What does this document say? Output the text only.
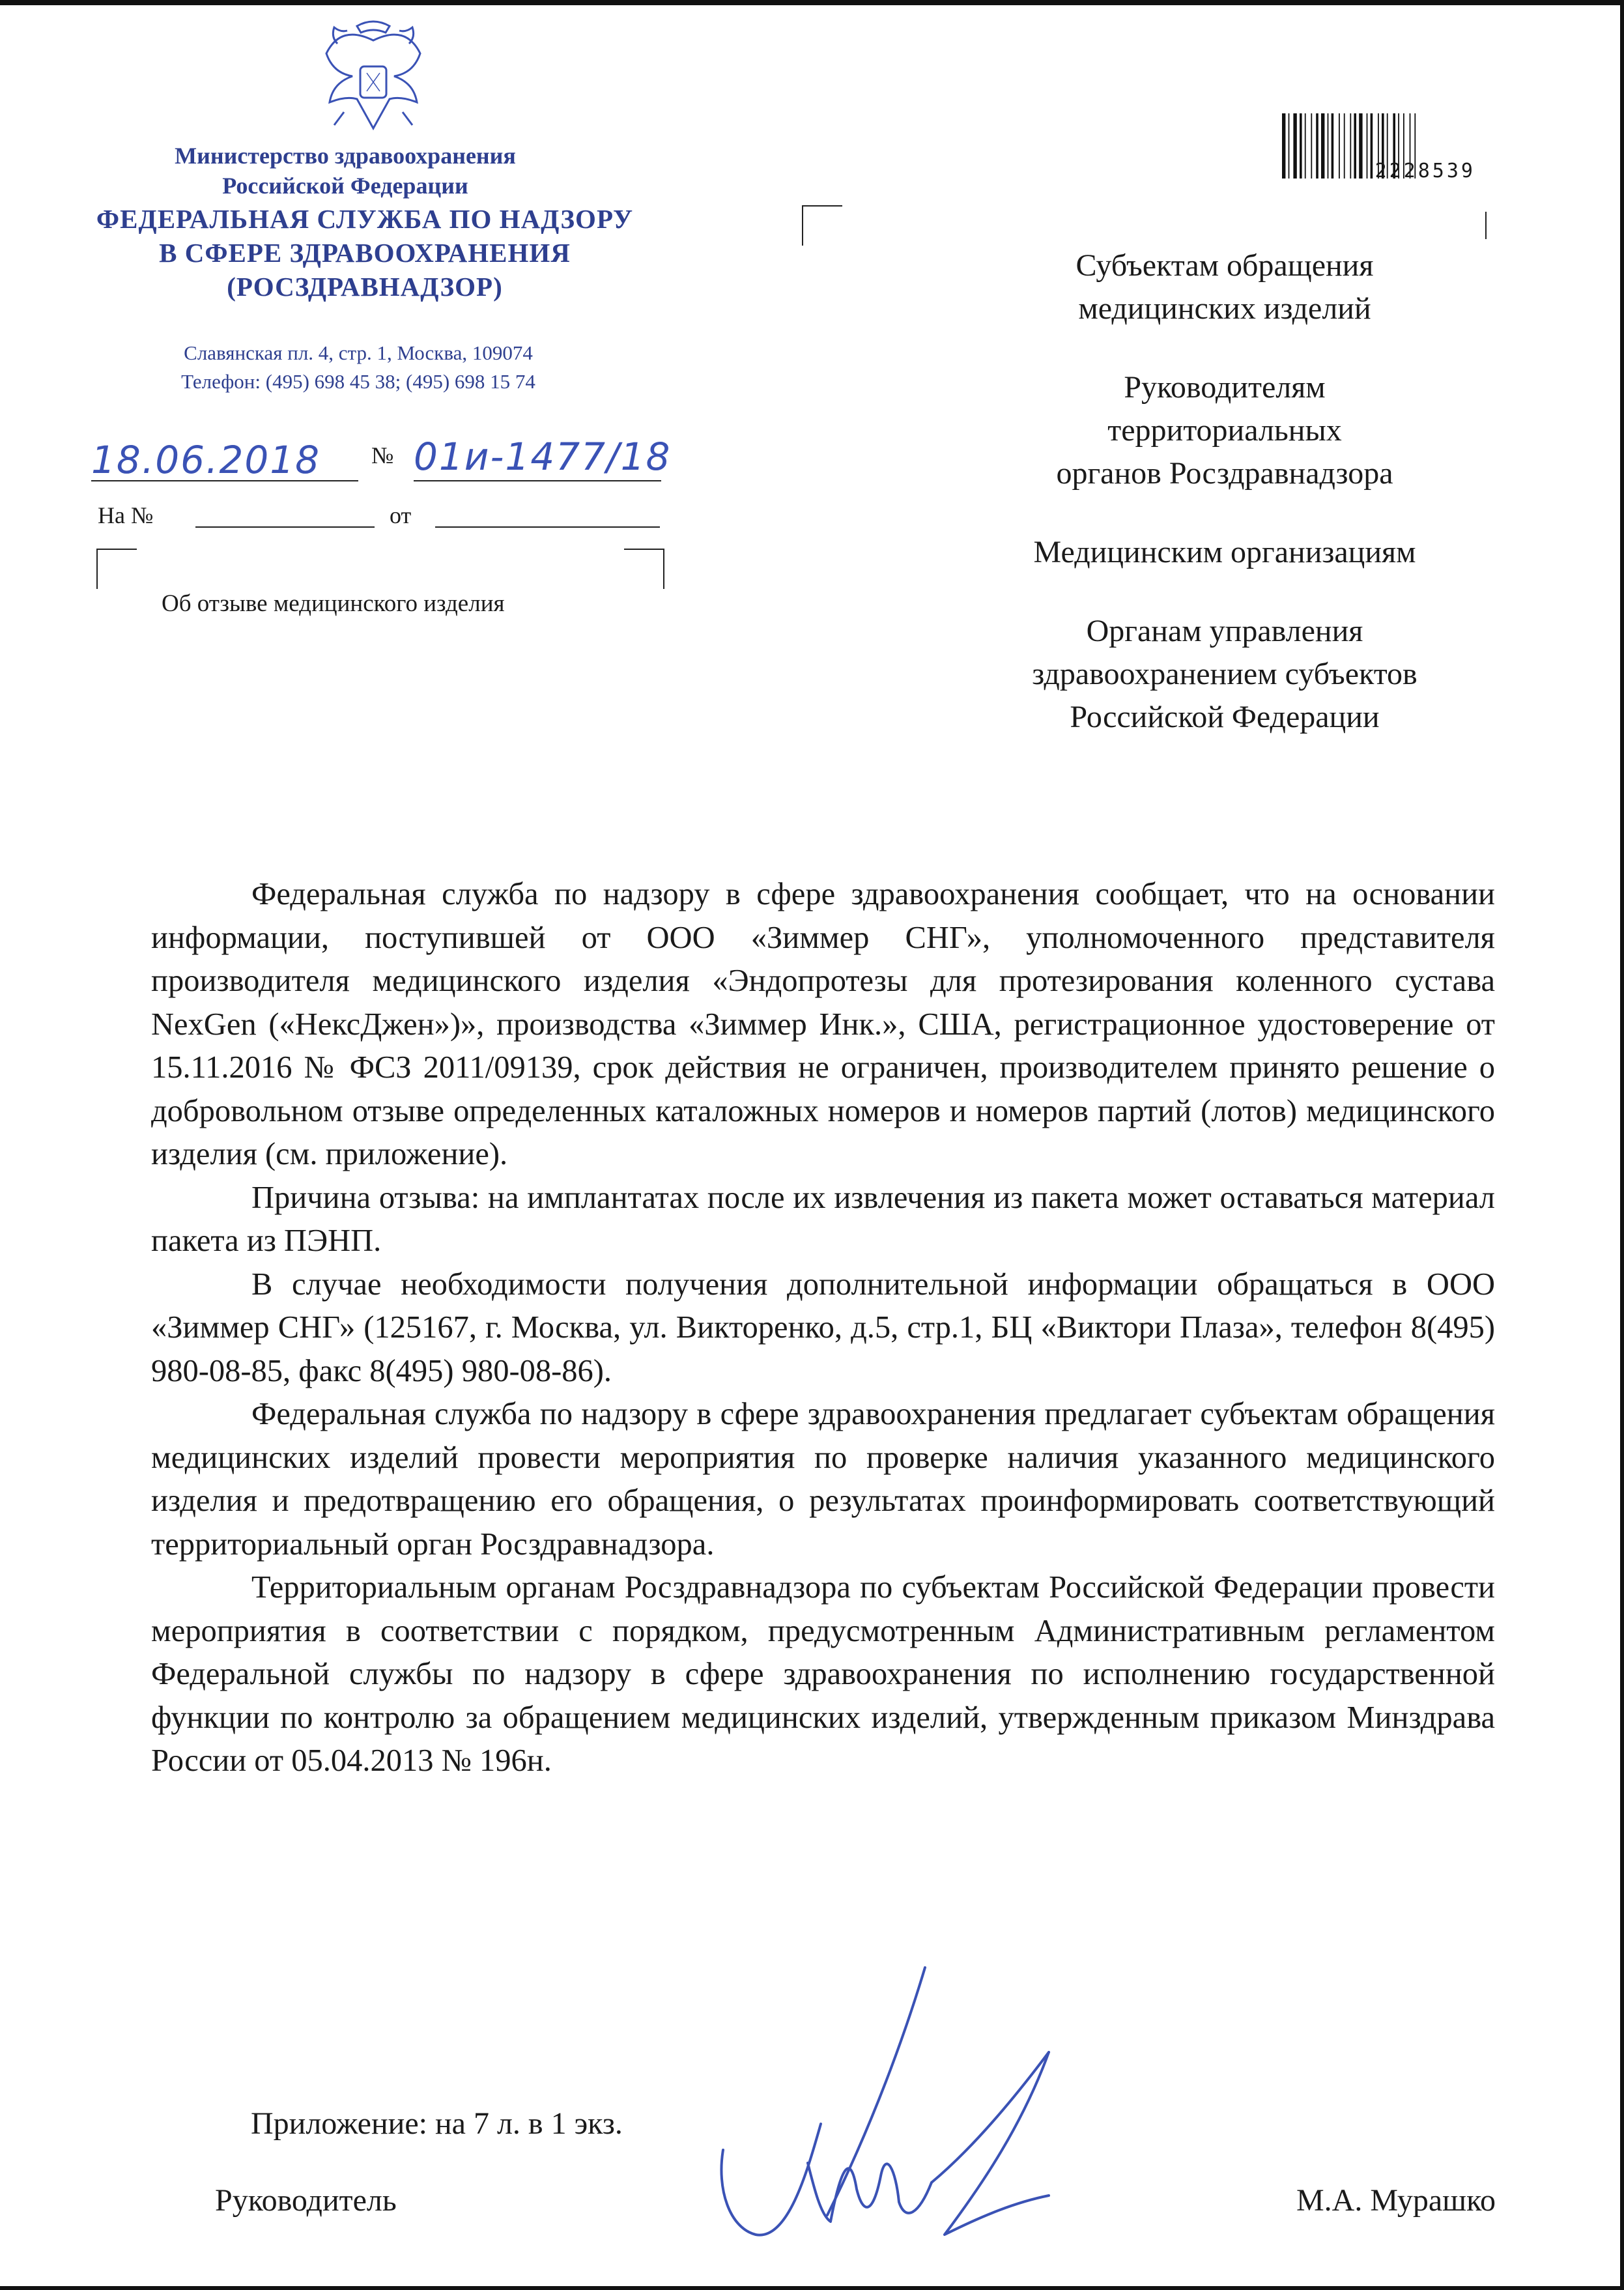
Министерство здравоохранения
Российской Федерации
ФЕДЕРАЛЬНАЯ СЛУЖБА ПО НАДЗОРУ
В СФЕРЕ ЗДРАВООХРАНЕНИЯ
(РОСЗДРАВНАДЗОР)
Славянская пл. 4, стр. 1, Москва, 109074
Телефон: (495) 698 45 38; (495) 698 15 74
18.06.2018 № 01и-1477/18
На №	от
Об отзыве медицинского изделия
2228539
Субъектам обращения
медицинских изделий
Руководителям
территориальных
органов Росздравнадзора
Медицинским организациям
Органам управления
здравоохранением субъектов
Российской Федерации

Федеральная служба по надзору в сфере здравоохранения сообщает, что на основании информации, поступившей от ООО «Зиммер СНГ», уполномоченного представителя производителя медицинского изделия «Эндопротезы для протезирования коленного сустава NexGen («НексДжен»)», производства «Зиммер Инк.», США, регистрационное удостоверение от 15.11.2016 № ФСЗ 2011/09139, срок действия не ограничен, производителем принято решение о добровольном отзыве определенных каталожных номеров и номеров партий (лотов) медицинского изделия (см. приложение).

Причина отзыва: на имплантатах после их извлечения из пакета может оставаться материал пакета из ПЭНП.

В случае необходимости получения дополнительной информации обращаться в ООО «Зиммер СНГ» (125167, г. Москва, ул. Викторенко, д.5, стр.1, БЦ «Виктори Плаза», телефон 8(495) 980-08-85, факс 8(495) 980-08-86).

Федеральная служба по надзору в сфере здравоохранения предлагает субъектам обращения медицинских изделий провести мероприятия по проверке наличия указанного медицинского изделия и предотвращению его обращения, о результатах проинформировать соответствующий территориальный орган Росздравнадзора.

Территориальным органам Росздравнадзора по субъектам Российской Федерации провести мероприятия в соответствии с порядком, предусмотренным Административным регламентом Федеральной службы по надзору в сфере здравоохранения по исполнению государственной функции по контролю за обращением медицинских изделий, утвержденным приказом Минздрава России от 05.04.2013 № 196н.

Приложение: на 7 л. в 1 экз.
Руководитель	М.А. Мурашко
